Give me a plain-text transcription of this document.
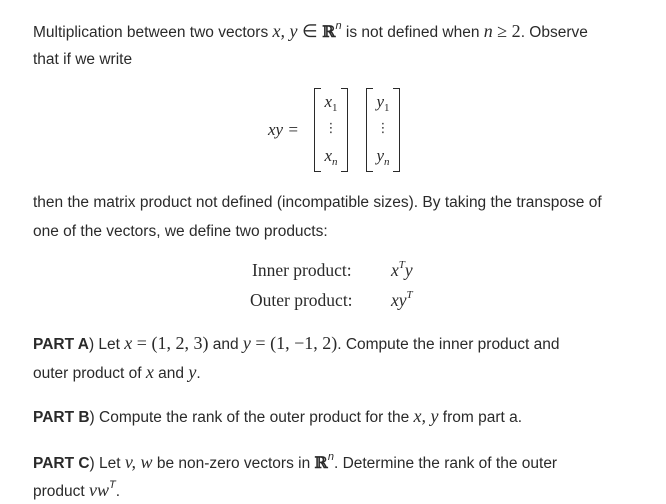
Multiplication between two vectors x, y ∈ ℝ$^n$ is not defined when n ≥ 2. Observe
that if we write
xy =
$x_1$
⋮
$x_n$
$y_1$
⋮
$y_n$
then the matrix product not defined (incompatible sizes). By taking the transpose of
one of the vectors, we define two products:
Inner product: $x^Ty$
Outer product: $xy^T$
PART A) Let x = (1, 2, 3) and y = (1, −1, 2). Compute the inner product and
outer product of x and y.
PART B) Compute the rank of the outer product for the x, y from part a.
PART C) Let v, w be non-zero vectors in ℝ$^n$. Determine the rank of the outer
product $vw^T$.
